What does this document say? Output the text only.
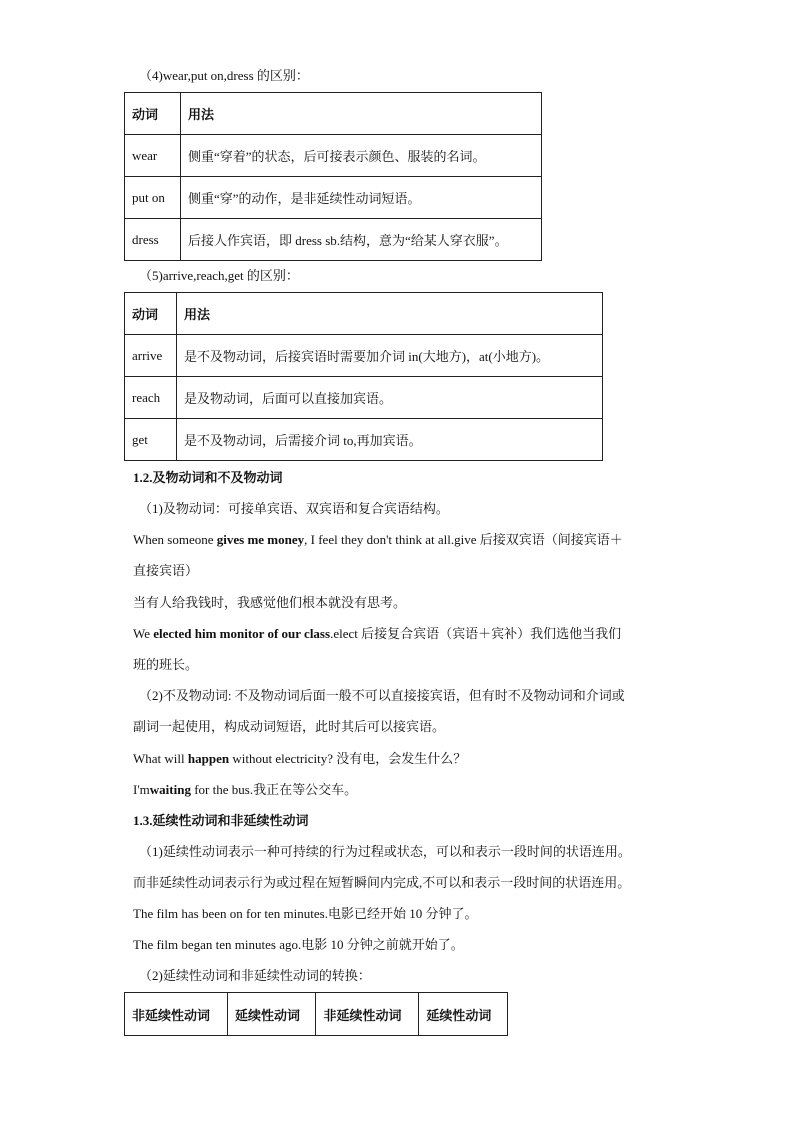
（4)wear,put on,dress 的区别：
动词	用法
wear	侧重“穿着”的状态，后可接表示颜色、服装的名词。
put on	侧重“穿”的动作，是非延续性动词短语。
dress	后接人作宾语，即 dress sb.结构，意为“给某人穿衣服”。
（5)arrive,reach,get 的区别：
动词	用法
arrive	是不及物动词，后接宾语时需要加介词 in(大地方)，at(小地方)。
reach	是及物动词，后面可以直接加宾语。
get	是不及物动词，后需接介词 to,再加宾语。
1.2.及物动词和不及物动词
（1)及物动词：可接单宾语、双宾语和复合宾语结构。
When someone gives me money, I feel they don't think at all.give 后接双宾语（间接宾语＋
直接宾语）
当有人给我钱时，我感觉他们根本就没有思考。
We elected him monitor of our class.elect 后接复合宾语（宾语＋宾补）我们选他当我们
班的班长。
（2)不及物动词: 不及物动词后面一般不可以直接接宾语，但有时不及物动词和介词或
副词一起使用，构成动词短语，此时其后可以接宾语。
What will happen without electricity? 没有电，会发生什么？
I'mwaiting for the bus.我正在等公交车。
1.3.延续性动词和非延续性动词
（1)延续性动词表示一种可持续的行为过程或状态，可以和表示一段时间的状语连用。
而非延续性动词表示行为或过程在短暂瞬间内完成,不可以和表示一段时间的状语连用。
The film has been on for ten minutes.电影已经开始 10 分钟了。
The film began ten minutes ago.电影 10 分钟之前就开始了。
（2)延续性动词和非延续性动词的转换：
非延续性动词	延续性动词	非延续性动词	延续性动词
